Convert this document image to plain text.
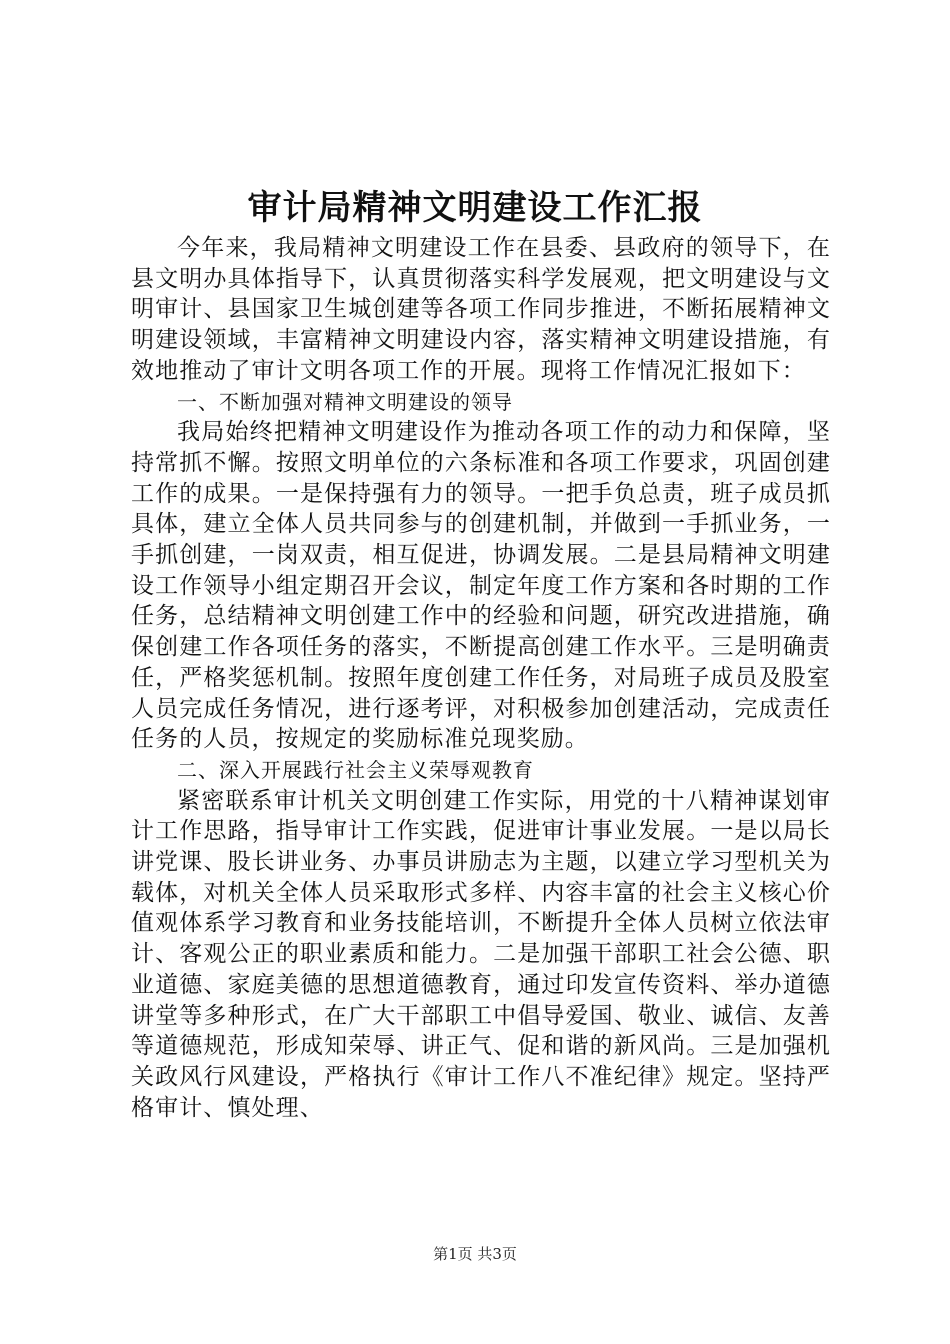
审计局精神文明建设工作汇报

今年来，我局精神文明建设工作在县委、县政府的领导下，在县文明办具体指导下，认真贯彻落实科学发展观，把文明建设与文明审计、县国家卫生城创建等各项工作同步推进，不断拓展精神文明建设领域，丰富精神文明建设内容，落实精神文明建设措施，有效地推动了审计文明各项工作的开展。现将工作情况汇报如下：

一、不断加强对精神文明建设的领导

我局始终把精神文明建设作为推动各项工作的动力和保障，坚持常抓不懈。按照文明单位的六条标准和各项工作要求，巩固创建工作的成果。一是保持强有力的领导。一把手负总责，班子成员抓具体，建立全体人员共同参与的创建机制，并做到一手抓业务，一手抓创建，一岗双责，相互促进，协调发展。二是县局精神文明建设工作领导小组定期召开会议，制定年度工作方案和各时期的工作任务，总结精神文明创建工作中的经验和问题，研究改进措施，确保创建工作各项任务的落实，不断提高创建工作水平。三是明确责任，严格奖惩机制。按照年度创建工作任务，对局班子成员及股室人员完成任务情况，进行逐考评，对积极参加创建活动，完成责任任务的人员，按规定的奖励标准兑现奖励。

二、深入开展践行社会主义荣辱观教育

紧密联系审计机关文明创建工作实际，用党的十八精神谋划审计工作思路，指导审计工作实践，促进审计事业发展。一是以局长讲党课、股长讲业务、办事员讲励志为主题，以建立学习型机关为载体，对机关全体人员采取形式多样、内容丰富的社会主义核心价值观体系学习教育和业务技能培训，不断提升全体人员树立依法审计、客观公正的职业素质和能力。二是加强干部职工社会公德、职业道德、家庭美德的思想道德教育，通过印发宣传资料、举办道德讲堂等多种形式，在广大干部职工中倡导爱国、敬业、诚信、友善等道德规范，形成知荣辱、讲正气、促和谐的新风尚。三是加强机关政风行风建设，严格执行《审计工作八不准纪律》规定。坚持严格审计、慎处理、

第1页 共3页
